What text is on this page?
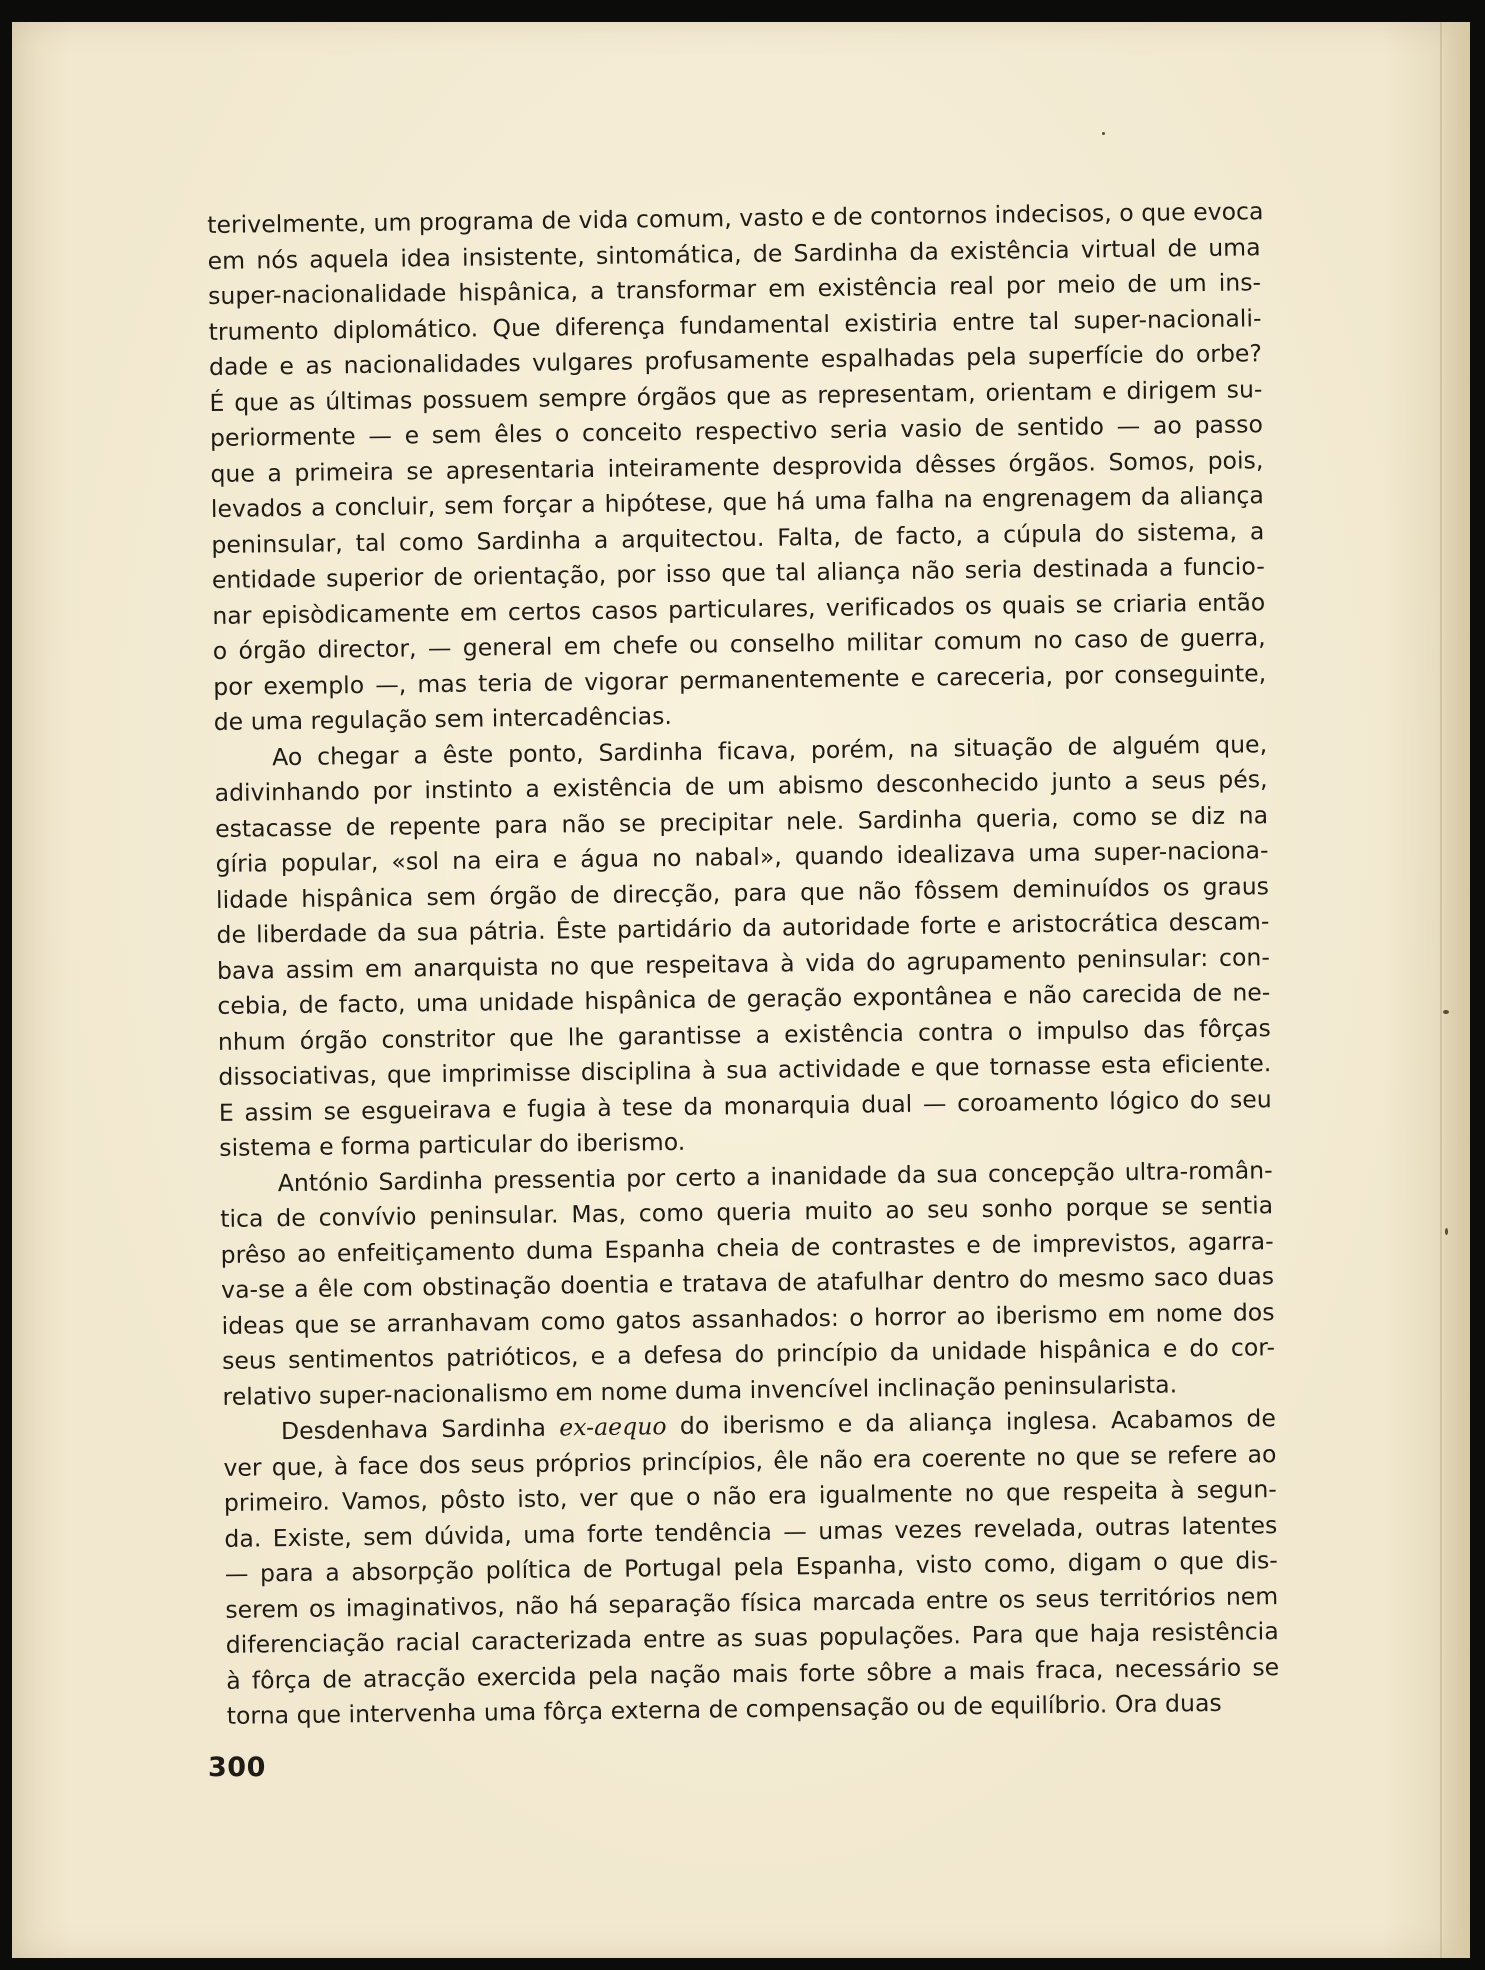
terivelmente, um programa de vida comum, vasto e de contornos indecisos, o que evoca
em nós aquela idea insistente, sintomática, de Sardinha da existência virtual de uma
super-nacionalidade hispânica, a transformar em existência real por meio de um ins-
trumento diplomático. Que diferença fundamental existiria entre tal super-nacionali-
dade e as nacionalidades vulgares profusamente espalhadas pela superfície do orbe?
É que as últimas possuem sempre órgãos que as representam, orientam e dirigem su-
periormente — e sem êles o conceito respectivo seria vasio de sentido — ao passo
que a primeira se apresentaria inteiramente desprovida dêsses órgãos. Somos, pois,
levados a concluir, sem forçar a hipótese, que há uma falha na engrenagem da aliança
peninsular, tal como Sardinha a arquitectou. Falta, de facto, a cúpula do sistema, a
entidade superior de orientação, por isso que tal aliança não seria destinada a funcio-
nar episòdicamente em certos casos particulares, verificados os quais se criaria então
o órgão director, — general em chefe ou conselho militar comum no caso de guerra,
por exemplo —, mas teria de vigorar permanentemente e careceria, por conseguinte,
de uma regulação sem intercadências.
Ao chegar a êste ponto, Sardinha ficava, porém, na situação de alguém que,
adivinhando por instinto a existência de um abismo desconhecido junto a seus pés,
estacasse de repente para não se precipitar nele. Sardinha queria, como se diz na
gíria popular, «sol na eira e água no nabal», quando idealizava uma super-naciona-
lidade hispânica sem órgão de direcção, para que não fôssem deminuídos os graus
de liberdade da sua pátria. Êste partidário da autoridade forte e aristocrática descam-
bava assim em anarquista no que respeitava à vida do agrupamento peninsular: con-
cebia, de facto, uma unidade hispânica de geração expontânea e não carecida de ne-
nhum órgão constritor que lhe garantisse a existência contra o impulso das fôrças
dissociativas, que imprimisse disciplina à sua actividade e que tornasse esta eficiente.
E assim se esgueirava e fugia à tese da monarquia dual — coroamento lógico do seu
sistema e forma particular do iberismo.
António Sardinha pressentia por certo a inanidade da sua concepção ultra-român-
tica de convívio peninsular. Mas, como queria muito ao seu sonho porque se sentia
prêso ao enfeitiçamento duma Espanha cheia de contrastes e de imprevistos, agarra-
va-se a êle com obstinação doentia e tratava de atafulhar dentro do mesmo saco duas
ideas que se arranhavam como gatos assanhados: o horror ao iberismo em nome dos
seus sentimentos patrióticos, e a defesa do princípio da unidade hispânica e do cor-
relativo super-nacionalismo em nome duma invencível inclinação peninsularista.
Desdenhava Sardinha ex-aequo do iberismo e da aliança inglesa. Acabamos de
ver que, à face dos seus próprios princípios, êle não era coerente no que se refere ao
primeiro. Vamos, pôsto isto, ver que o não era igualmente no que respeita à segun-
da. Existe, sem dúvida, uma forte tendência — umas vezes revelada, outras latentes
— para a absorpção política de Portugal pela Espanha, visto como, digam o que dis-
serem os imaginativos, não há separação física marcada entre os seus territórios nem
diferenciação racial caracterizada entre as suas populações. Para que haja resistência
à fôrça de atracção exercida pela nação mais forte sôbre a mais fraca, necessário se
torna que intervenha uma fôrça externa de compensação ou de equilíbrio. Ora duas
300
